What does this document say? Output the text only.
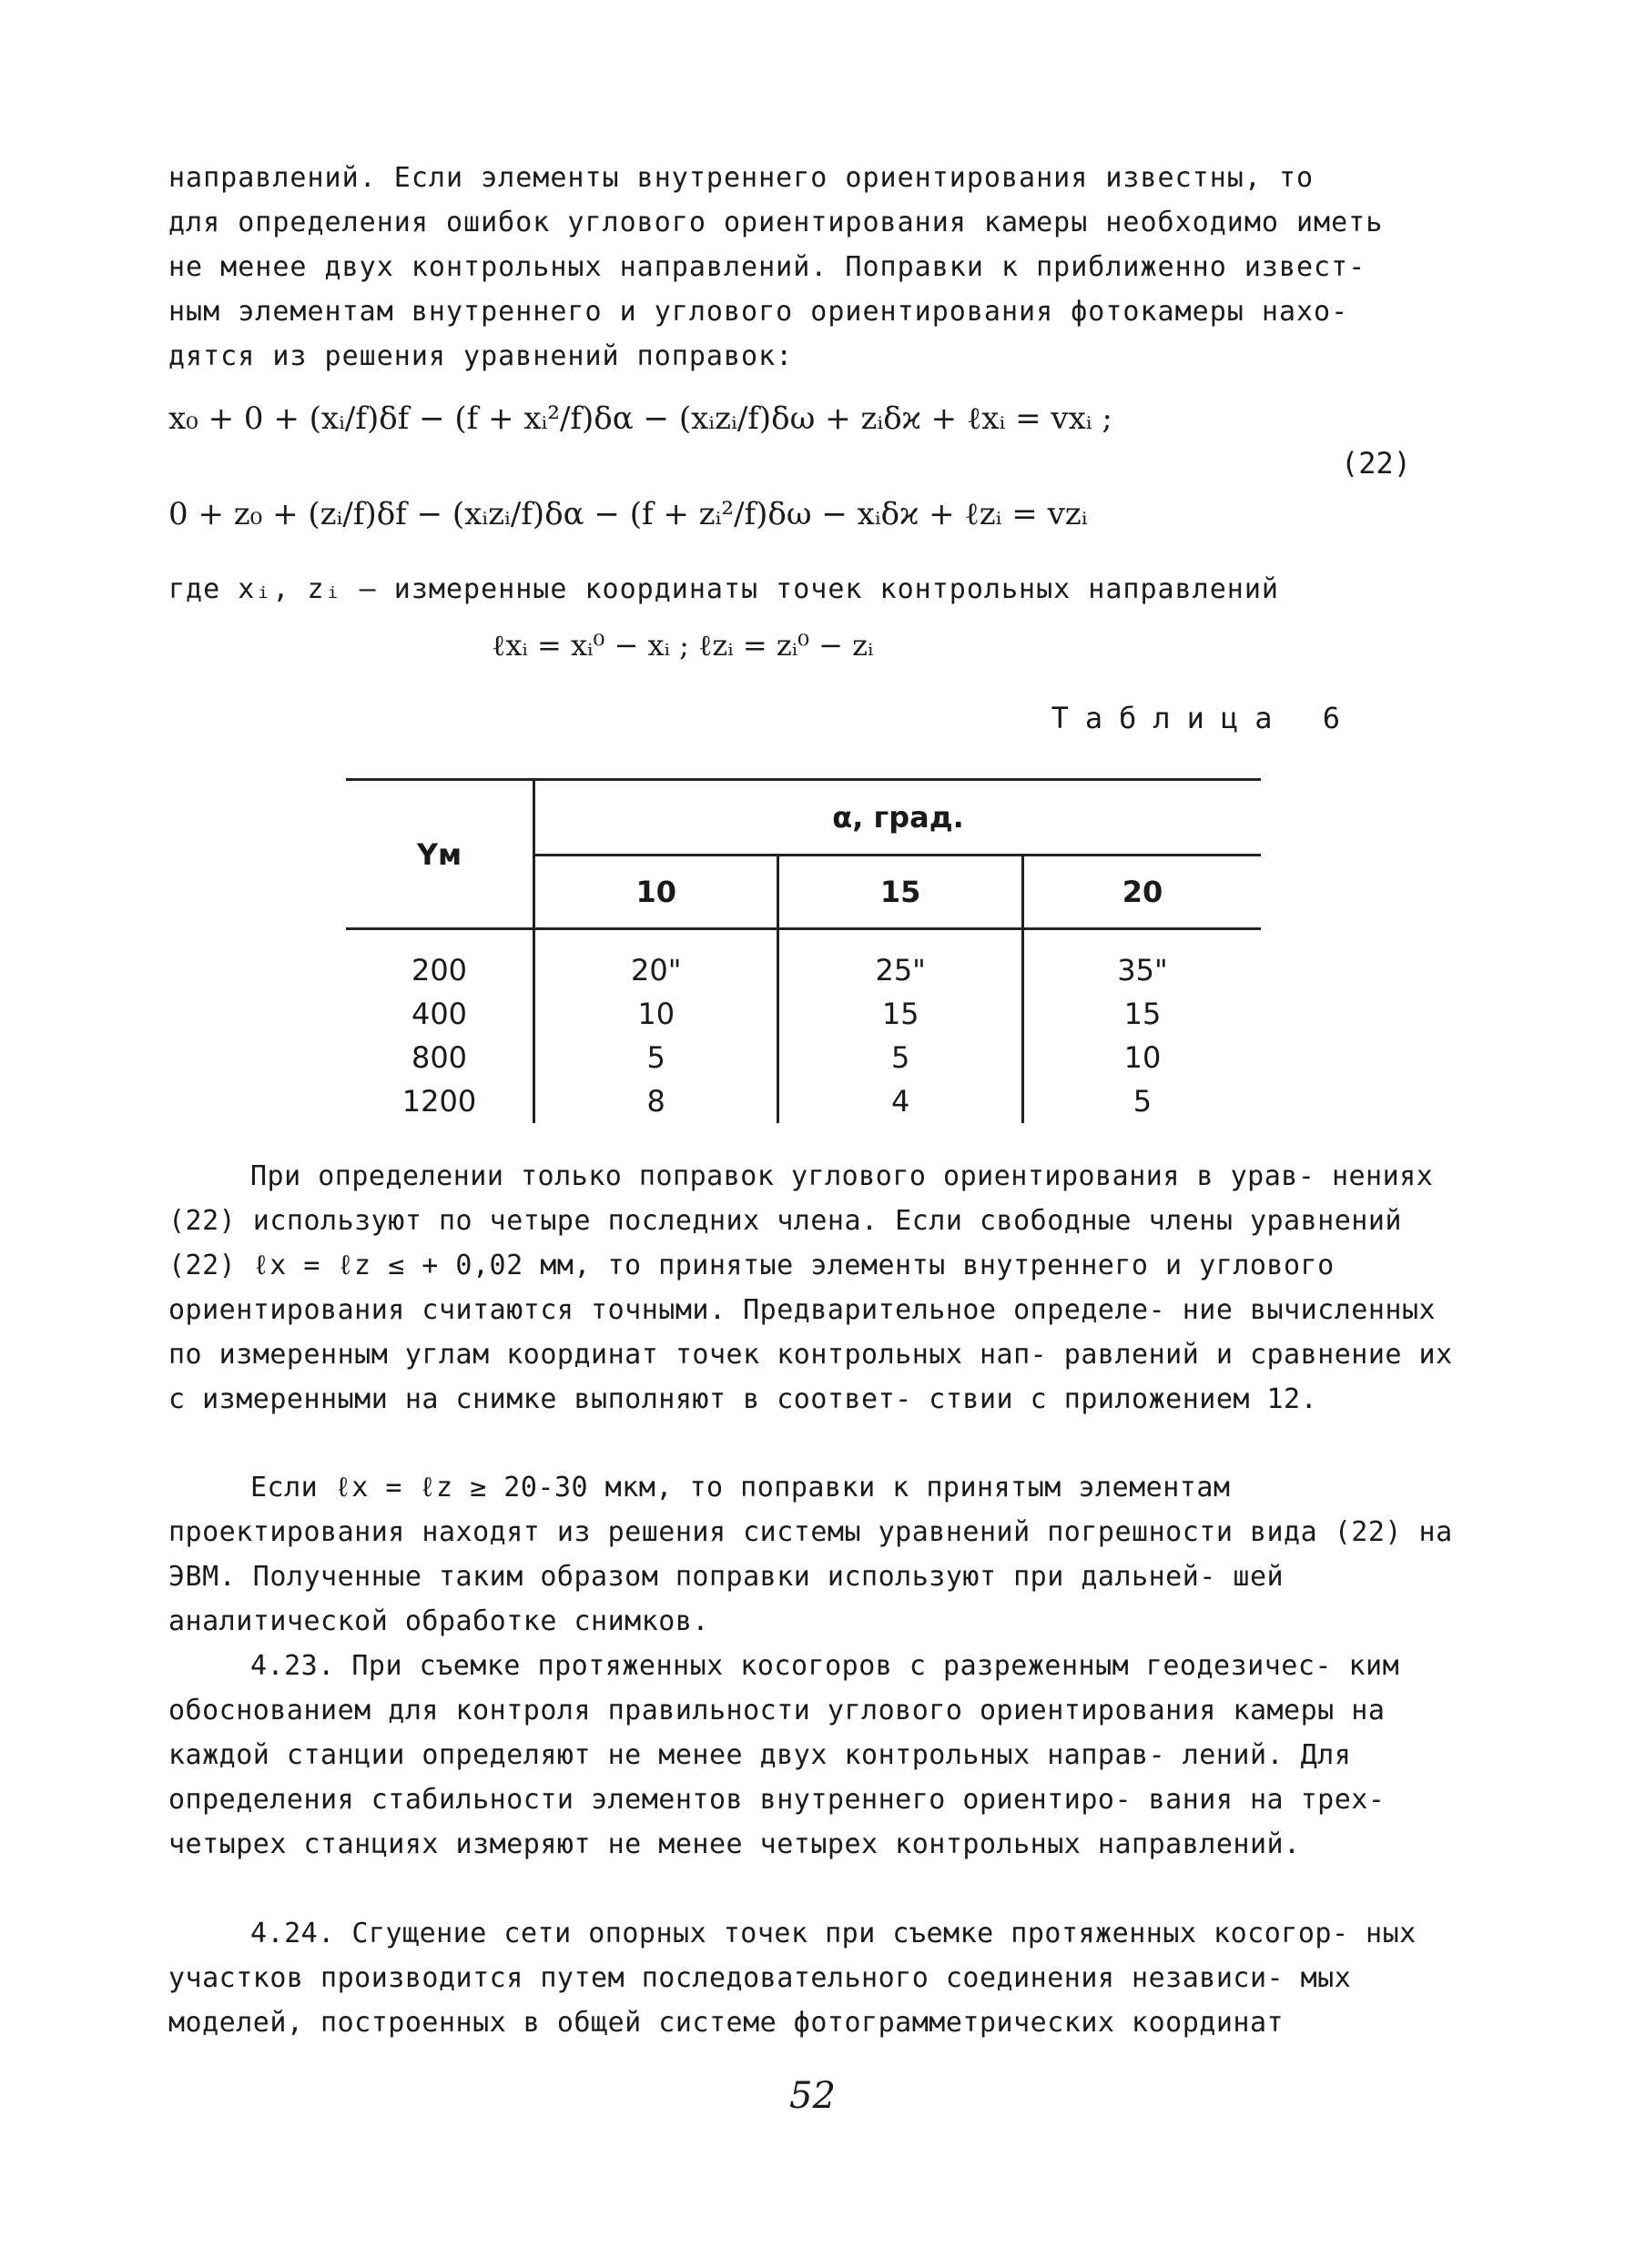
направлений. Если элементы внутреннего ориентирования известны, то
для определения ошибок углового ориентирования камеры необходимо иметь
не менее двух контрольных направлений. Поправки к приближенно извест-
ным элементам внутреннего и углового ориентирования фотокамеры нахо-
дятся из решения уравнений поправок:
x₀ + 0 + (xᵢ/f)δf − (f + xᵢ²/f)δα − (xᵢzᵢ/f)δω + zᵢδϰ + ℓxᵢ = vxᵢ ;
(22)
0 + z₀ + (zᵢ/f)δf − (xᵢzᵢ/f)δα − (f + zᵢ²/f)δω − xᵢδϰ + ℓzᵢ = vzᵢ
где xᵢ, zᵢ – измеренные координаты точек контрольных направлений
ℓxᵢ = xᵢ⁰ − xᵢ ; ℓzᵢ = zᵢ⁰ − zᵢ
Таблица 6
Yм	α, град.		
	10	15	20
200	20"	25"	35"
400	10	15	15
800	5	5	10
1200	8	4	5

При определении только поправок углового ориентирования в урав- нениях (22) используют по четыре последних члена. Если свободные члены уравнений (22) ℓx = ℓz ≤ + 0,02 мм, то принятые элементы внутреннего и углового ориентирования считаются точными. Предварительное определе- ние вычисленных по измеренным углам координат точек контрольных нап- равлений и сравнение их с измеренными на снимке выполняют в соответ- ствии с приложением 12.

Если ℓx = ℓz ≥ 20-30 мкм, то поправки к принятым элементам проектирования находят из решения системы уравнений погрешности вида (22) на ЭВМ. Полученные таким образом поправки используют при дальней- шей аналитической обработке снимков.

4.23. При съемке протяженных косогоров с разреженным геодезичес- ким обоснованием для контроля правильности углового ориентирования камеры на каждой станции определяют не менее двух контрольных направ- лений. Для определения стабильности элементов внутреннего ориентиро- вания на трех-четырех станциях измеряют не менее четырех контрольных направлений.

4.24. Сгущение сети опорных точек при съемке протяженных косогор- ных участков производится путем последовательного соединения независи- мых моделей, построенных в общей системе фотограмметрических координат

52
